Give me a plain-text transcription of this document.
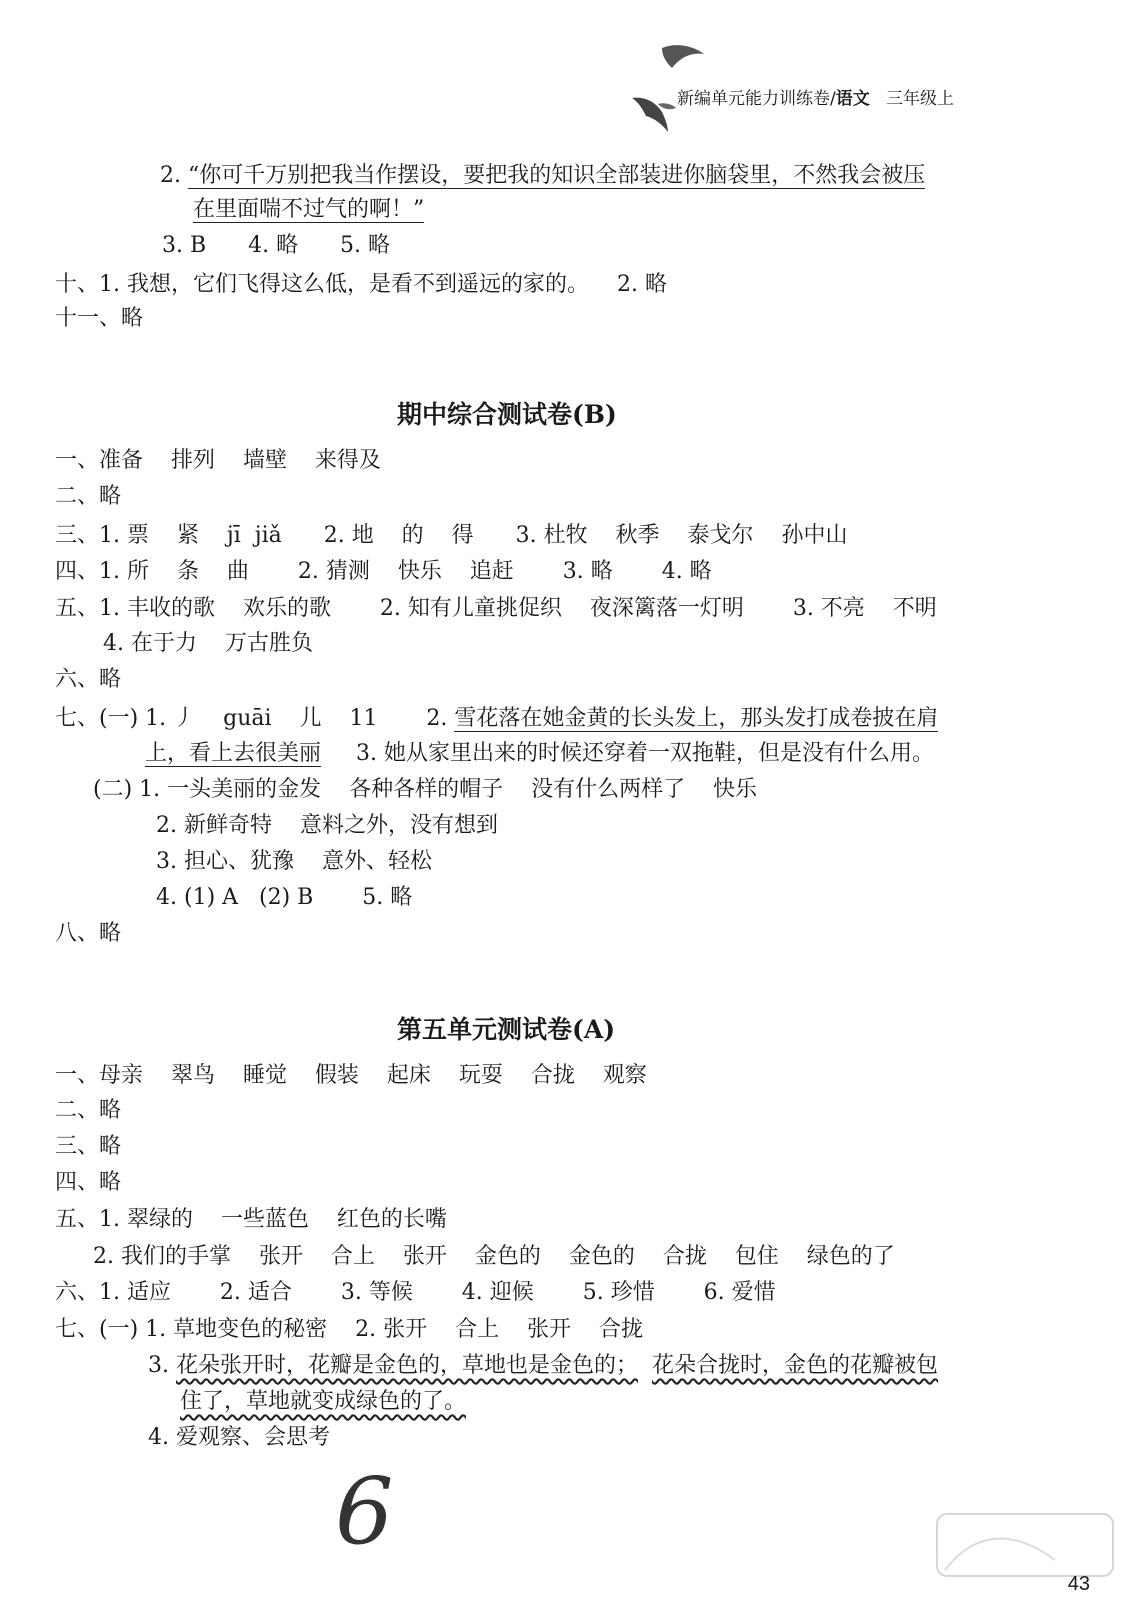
新编单元能力训练卷/语文 三年级上
2. “你可千万别把我当作摆设，要把我的知识全部装进你脑袋里，不然我会被压
在里面喘不过气的啊！”
3. B      4. 略      5. 略
十、1. 我想，它们飞得这么低，是看不到遥远的家的。 2. 略
十一、略
期中综合测试卷(B)
一、准备    排列    墙壁    来得及
二、略
三、1. 票    紧    jī  jiǎ      2. 地    的    得      3. 杜牧    秋季    泰戈尔    孙中山
四、1. 所    条    曲       2. 猜测    快乐    追赶       3. 略       4. 略
五、1. 丰收的歌    欢乐的歌       2. 知有儿童挑促织    夜深篱落一灯明       3. 不亮    不明
4. 在于力    万古胜负
六、略
七、(一) 1. 丿    guāi    儿    11       2. 雪花落在她金黄的长头发上，那头发打成卷披在肩
上，看上去很美丽     3. 她从家里出来的时候还穿着一双拖鞋，但是没有什么用。
(二) 1. 一头美丽的金发    各种各样的帽子    没有什么两样了    快乐
2. 新鲜奇特    意料之外，没有想到
3. 担心、犹豫    意外、轻松
4. (1) A   (2) B       5. 略
八、略
第五单元测试卷(A)
一、母亲    翠鸟    睡觉    假装    起床    玩耍    合拢    观察
二、略
三、略
四、略
五、1. 翠绿的    一些蓝色    红色的长嘴
2. 我们的手掌    张开    合上    张开    金色的    金色的    合拢    包住    绿色的了
六、1. 适应       2. 适合       3. 等候       4. 迎候       5. 珍惜       6. 爱惜
七、(一) 1. 草地变色的秘密    2. 张开    合上    张开    合拢
3. 花朵张开时，花瓣是金色的，草地也是金色的； 花朵合拢时，金色的花瓣被包
住了，草地就变成绿色的了。
4. 爱观察、会思考
6
43
